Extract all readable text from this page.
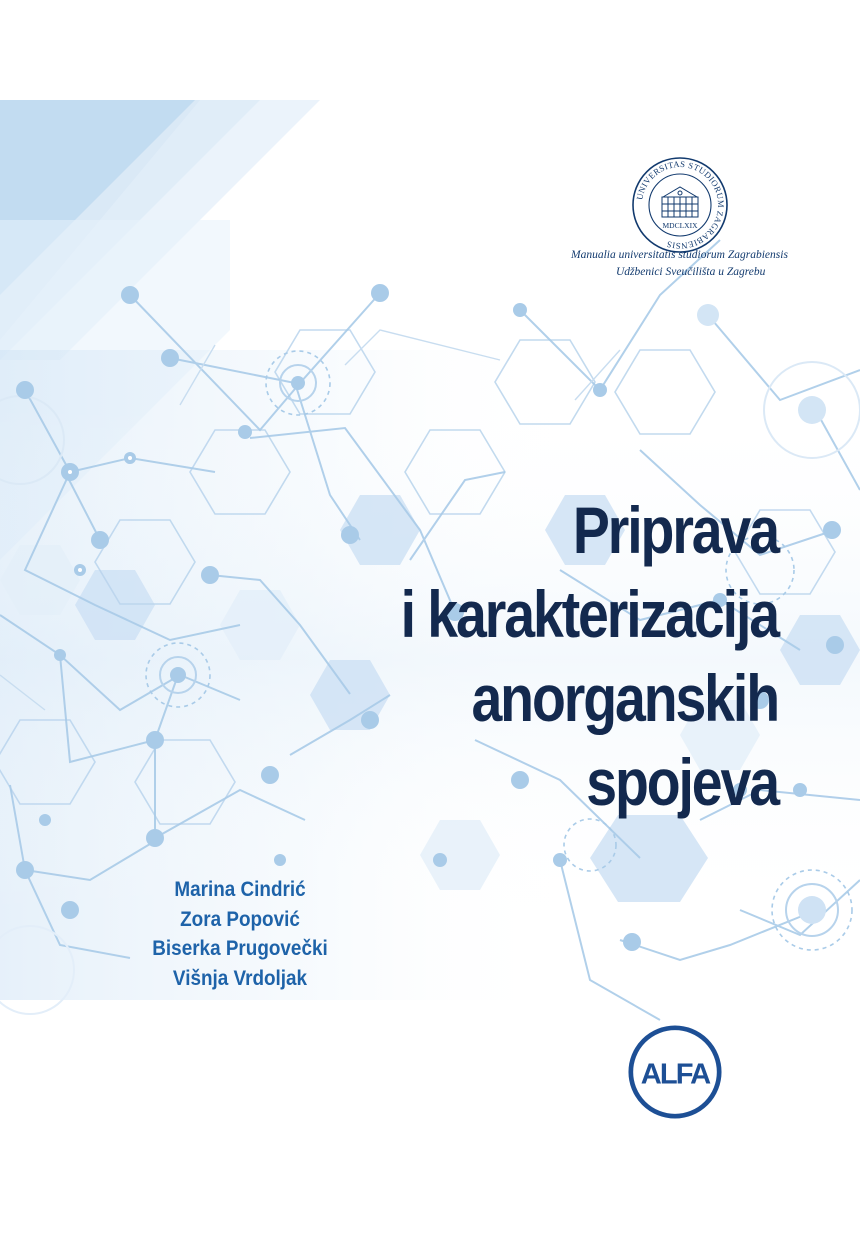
UNIVERSITAS STUDIORUM ZAGRABIENSIS
MDCLXIX
Manualia universitatis studiorum Zagrabiensis
Udžbenici Sveučilišta u Zagrebu
Priprava
i karakterizacija
anorganskih
spojeva
Marina Cindrić
Zora Popović
Biserka Prugovečki
Višnja Vrdoljak
ALFA
